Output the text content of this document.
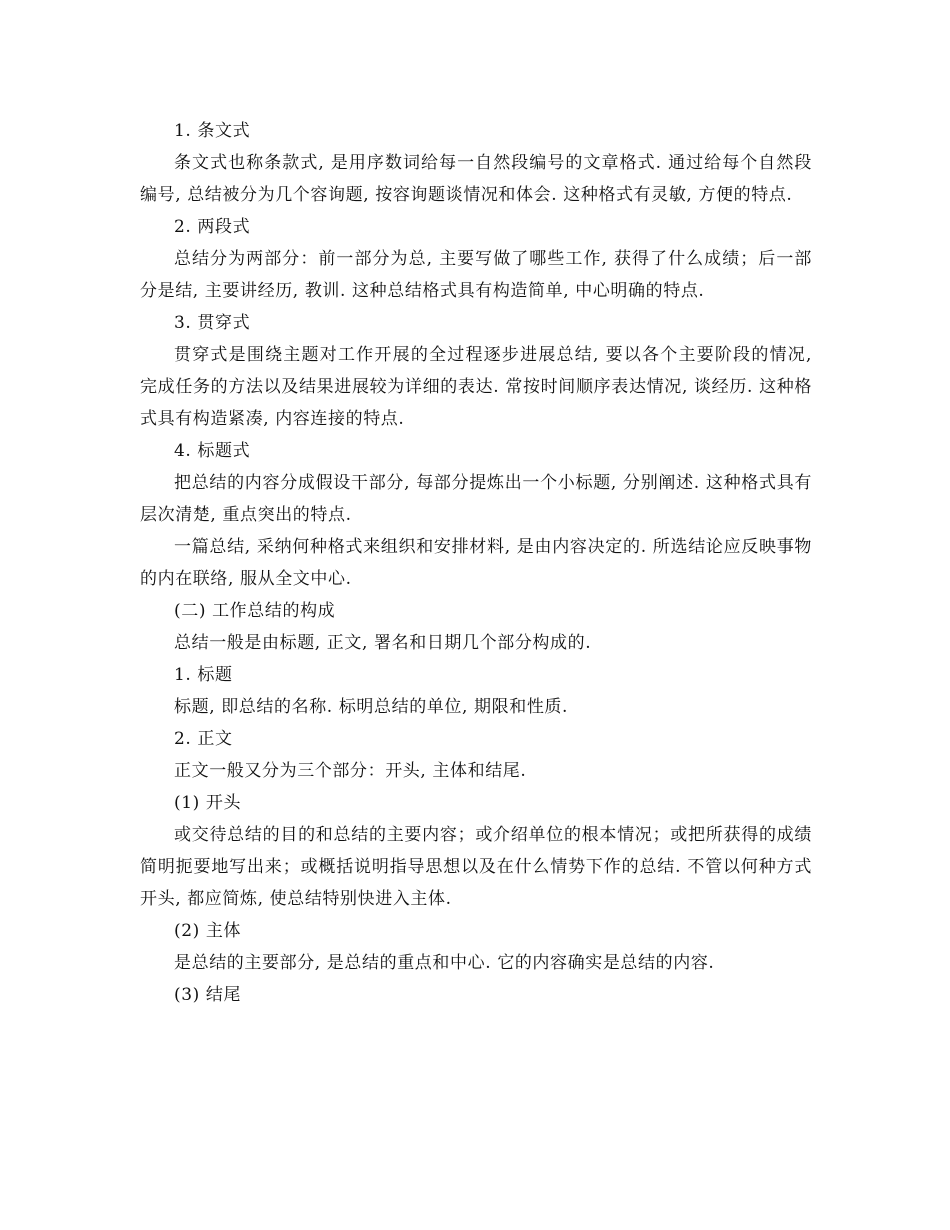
1. 条文式

条文式也称条款式, 是用序数词给每一自然段编号的文章格式. 通过给每个自然段编号, 总结被分为几个容询题, 按容询题谈情况和体会. 这种格式有灵敏, 方便的特点.

2. 两段式

总结分为两部分：前一部分为总, 主要写做了哪些工作, 获得了什么成绩；后一部分是结, 主要讲经历, 教训. 这种总结格式具有构造简单, 中心明确的特点.

3. 贯穿式

贯穿式是围绕主题对工作开展的全过程逐步进展总结, 要以各个主要阶段的情况, 完成任务的方法以及结果进展较为详细的表达. 常按时间顺序表达情况, 谈经历. 这种格式具有构造紧凑, 内容连接的特点.

4. 标题式

把总结的内容分成假设干部分, 每部分提炼出一个小标题, 分别阐述. 这种格式具有层次清楚, 重点突出的特点.

一篇总结, 采纳何种格式来组织和安排材料, 是由内容决定的. 所选结论应反映事物的内在联络, 服从全文中心.

(二) 工作总结的构成

总结一般是由标题, 正文, 署名和日期几个部分构成的.

1. 标题

标题, 即总结的名称. 标明总结的单位, 期限和性质.

2. 正文

正文一般又分为三个部分：开头, 主体和结尾.

(1) 开头

或交待总结的目的和总结的主要内容；或介绍单位的根本情况；或把所获得的成绩简明扼要地写出来；或概括说明指导思想以及在什么情势下作的总结. 不管以何种方式开头, 都应简炼, 使总结特别快进入主体.

(2) 主体

是总结的主要部分, 是总结的重点和中心. 它的内容确实是总结的内容.

(3) 结尾
